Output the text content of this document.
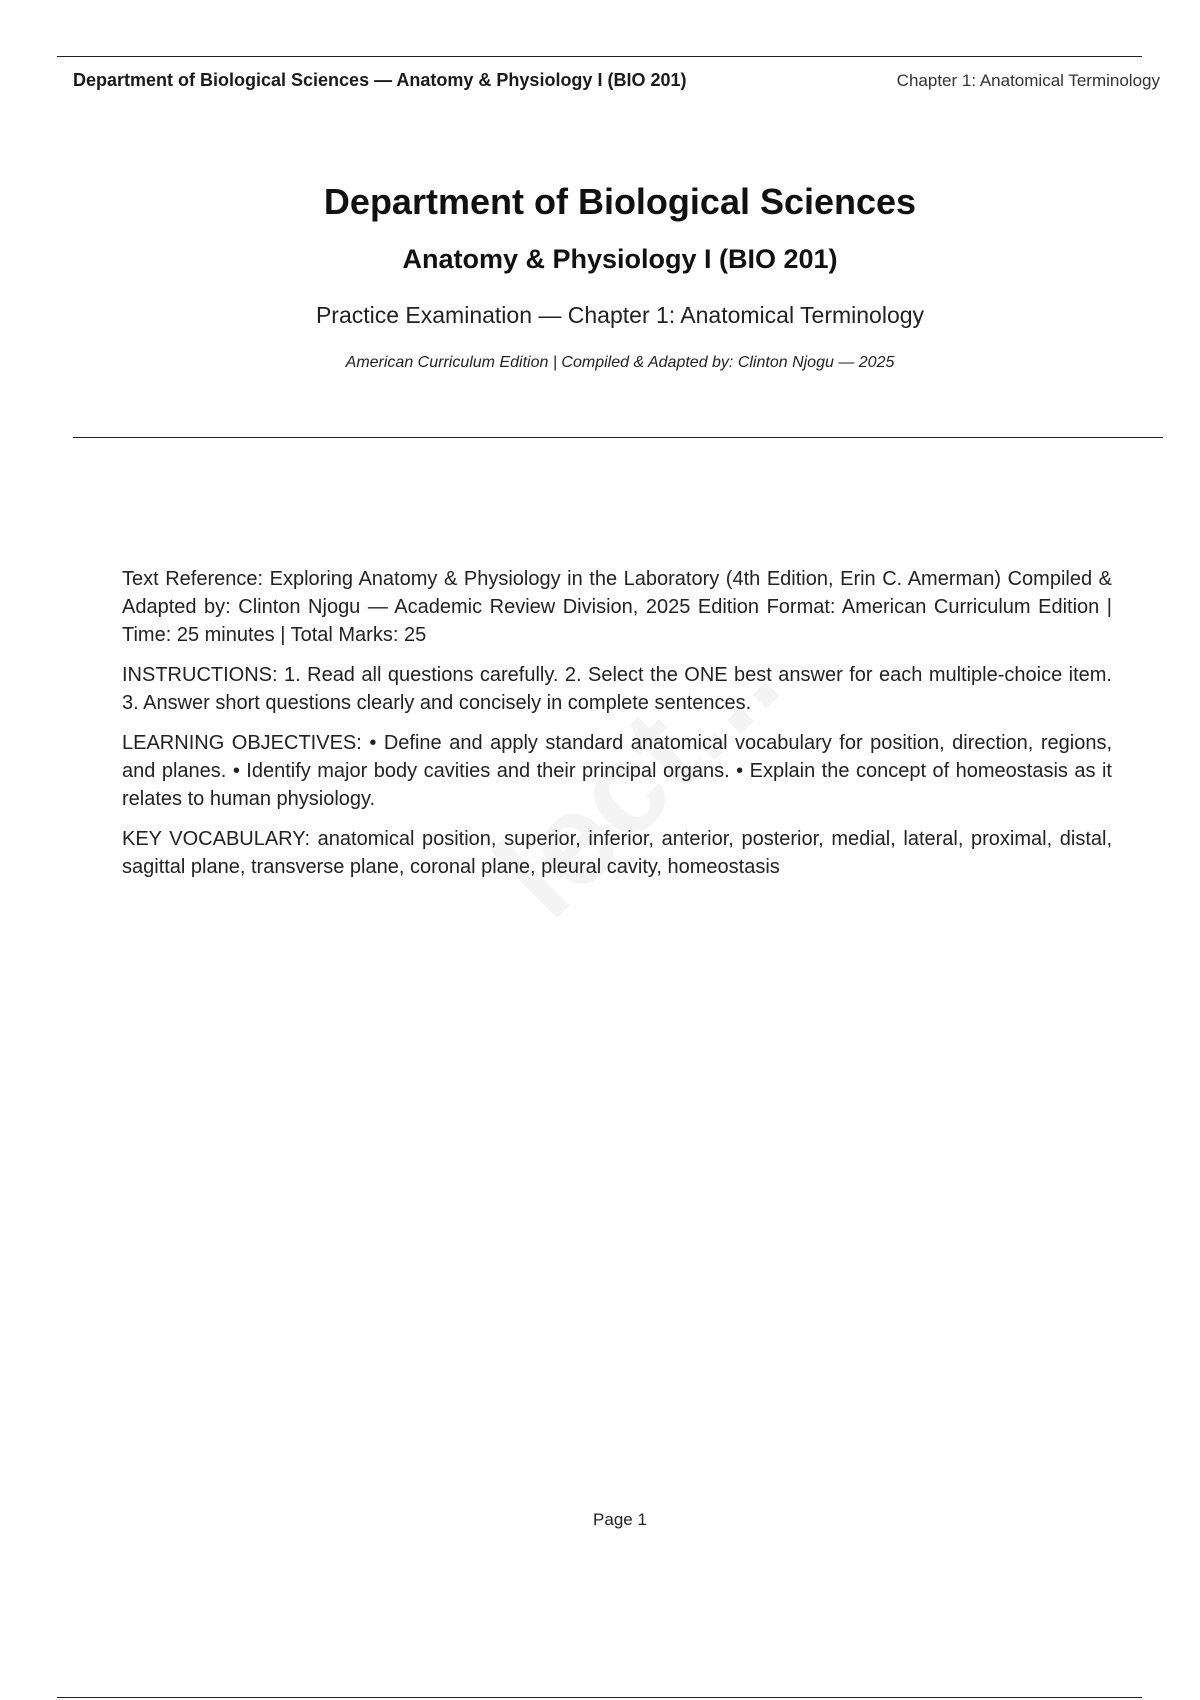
Department of Biological Sciences — Anatomy & Physiology I (BIO 201)	Chapter 1: Anatomical Terminology
Department of Biological Sciences
Anatomy & Physiology I (BIO 201)
Practice Examination — Chapter 1: Anatomical Terminology
American Curriculum Edition | Compiled & Adapted by: Clinton Njogu — 2025

Text Reference: Exploring Anatomy & Physiology in the Laboratory (4th Edition, Erin C. Amerman) Compiled & Adapted by: Clinton Njogu — Academic Review Division, 2025 Edition Format: American Curriculum Edition | Time: 25 minutes | Total Marks: 25

INSTRUCTIONS: 1. Read all questions carefully. 2. Select the ONE best answer for each multiple-choice item. 3. Answer short questions clearly and concisely in complete sentences.

LEARNING OBJECTIVES: • Define and apply standard anatomical vocabulary for position, direction, regions, and planes. • Identify major body cavities and their principal organs. • Explain the concept of homeostasis as it relates to human physiology.

KEY VOCABULARY: anatomical position, superior, inferior, anterior, posterior, medial, lateral, proximal, distal, sagittal plane, transverse plane, coronal plane, pleural cavity, homeostasis

Page 1
